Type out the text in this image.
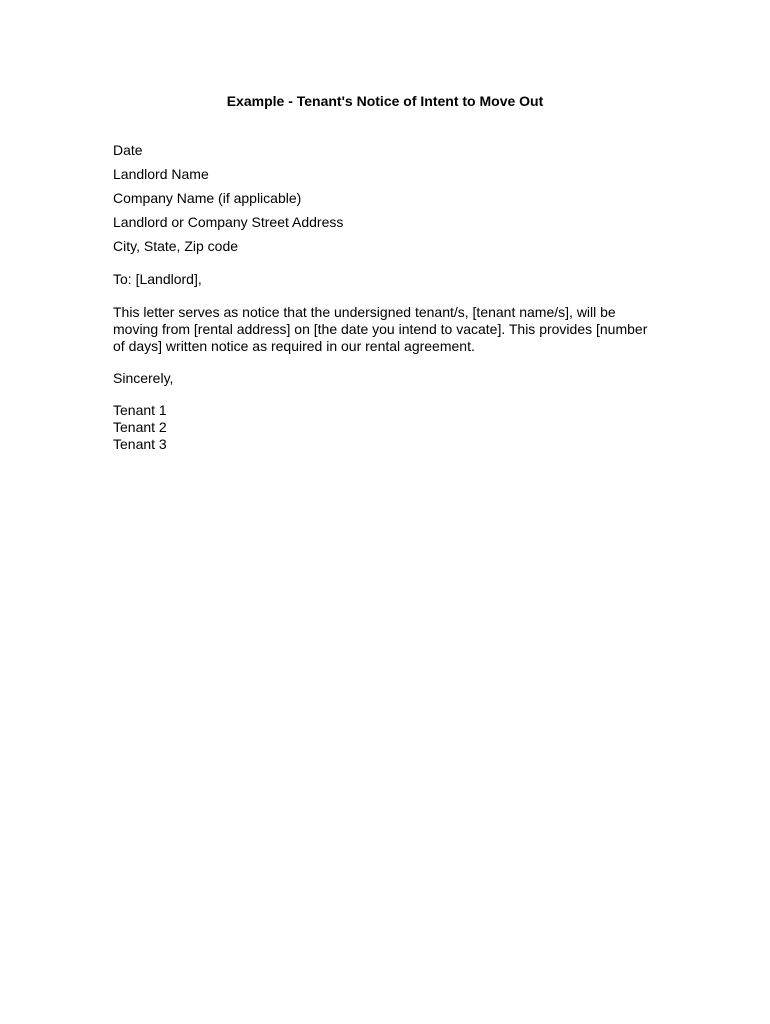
Example - Tenant's Notice of Intent to Move Out
Date
Landlord Name
Company Name (if applicable)
Landlord or Company Street Address
City, State, Zip code

To: [Landlord],

This letter serves as notice that the undersigned tenant/s, [tenant name/s], will be moving from [rental address] on [the date you intend to vacate]. This provides [number of days] written notice as required in our rental agreement.

Sincerely,

Tenant 1
Tenant 2
Tenant 3
